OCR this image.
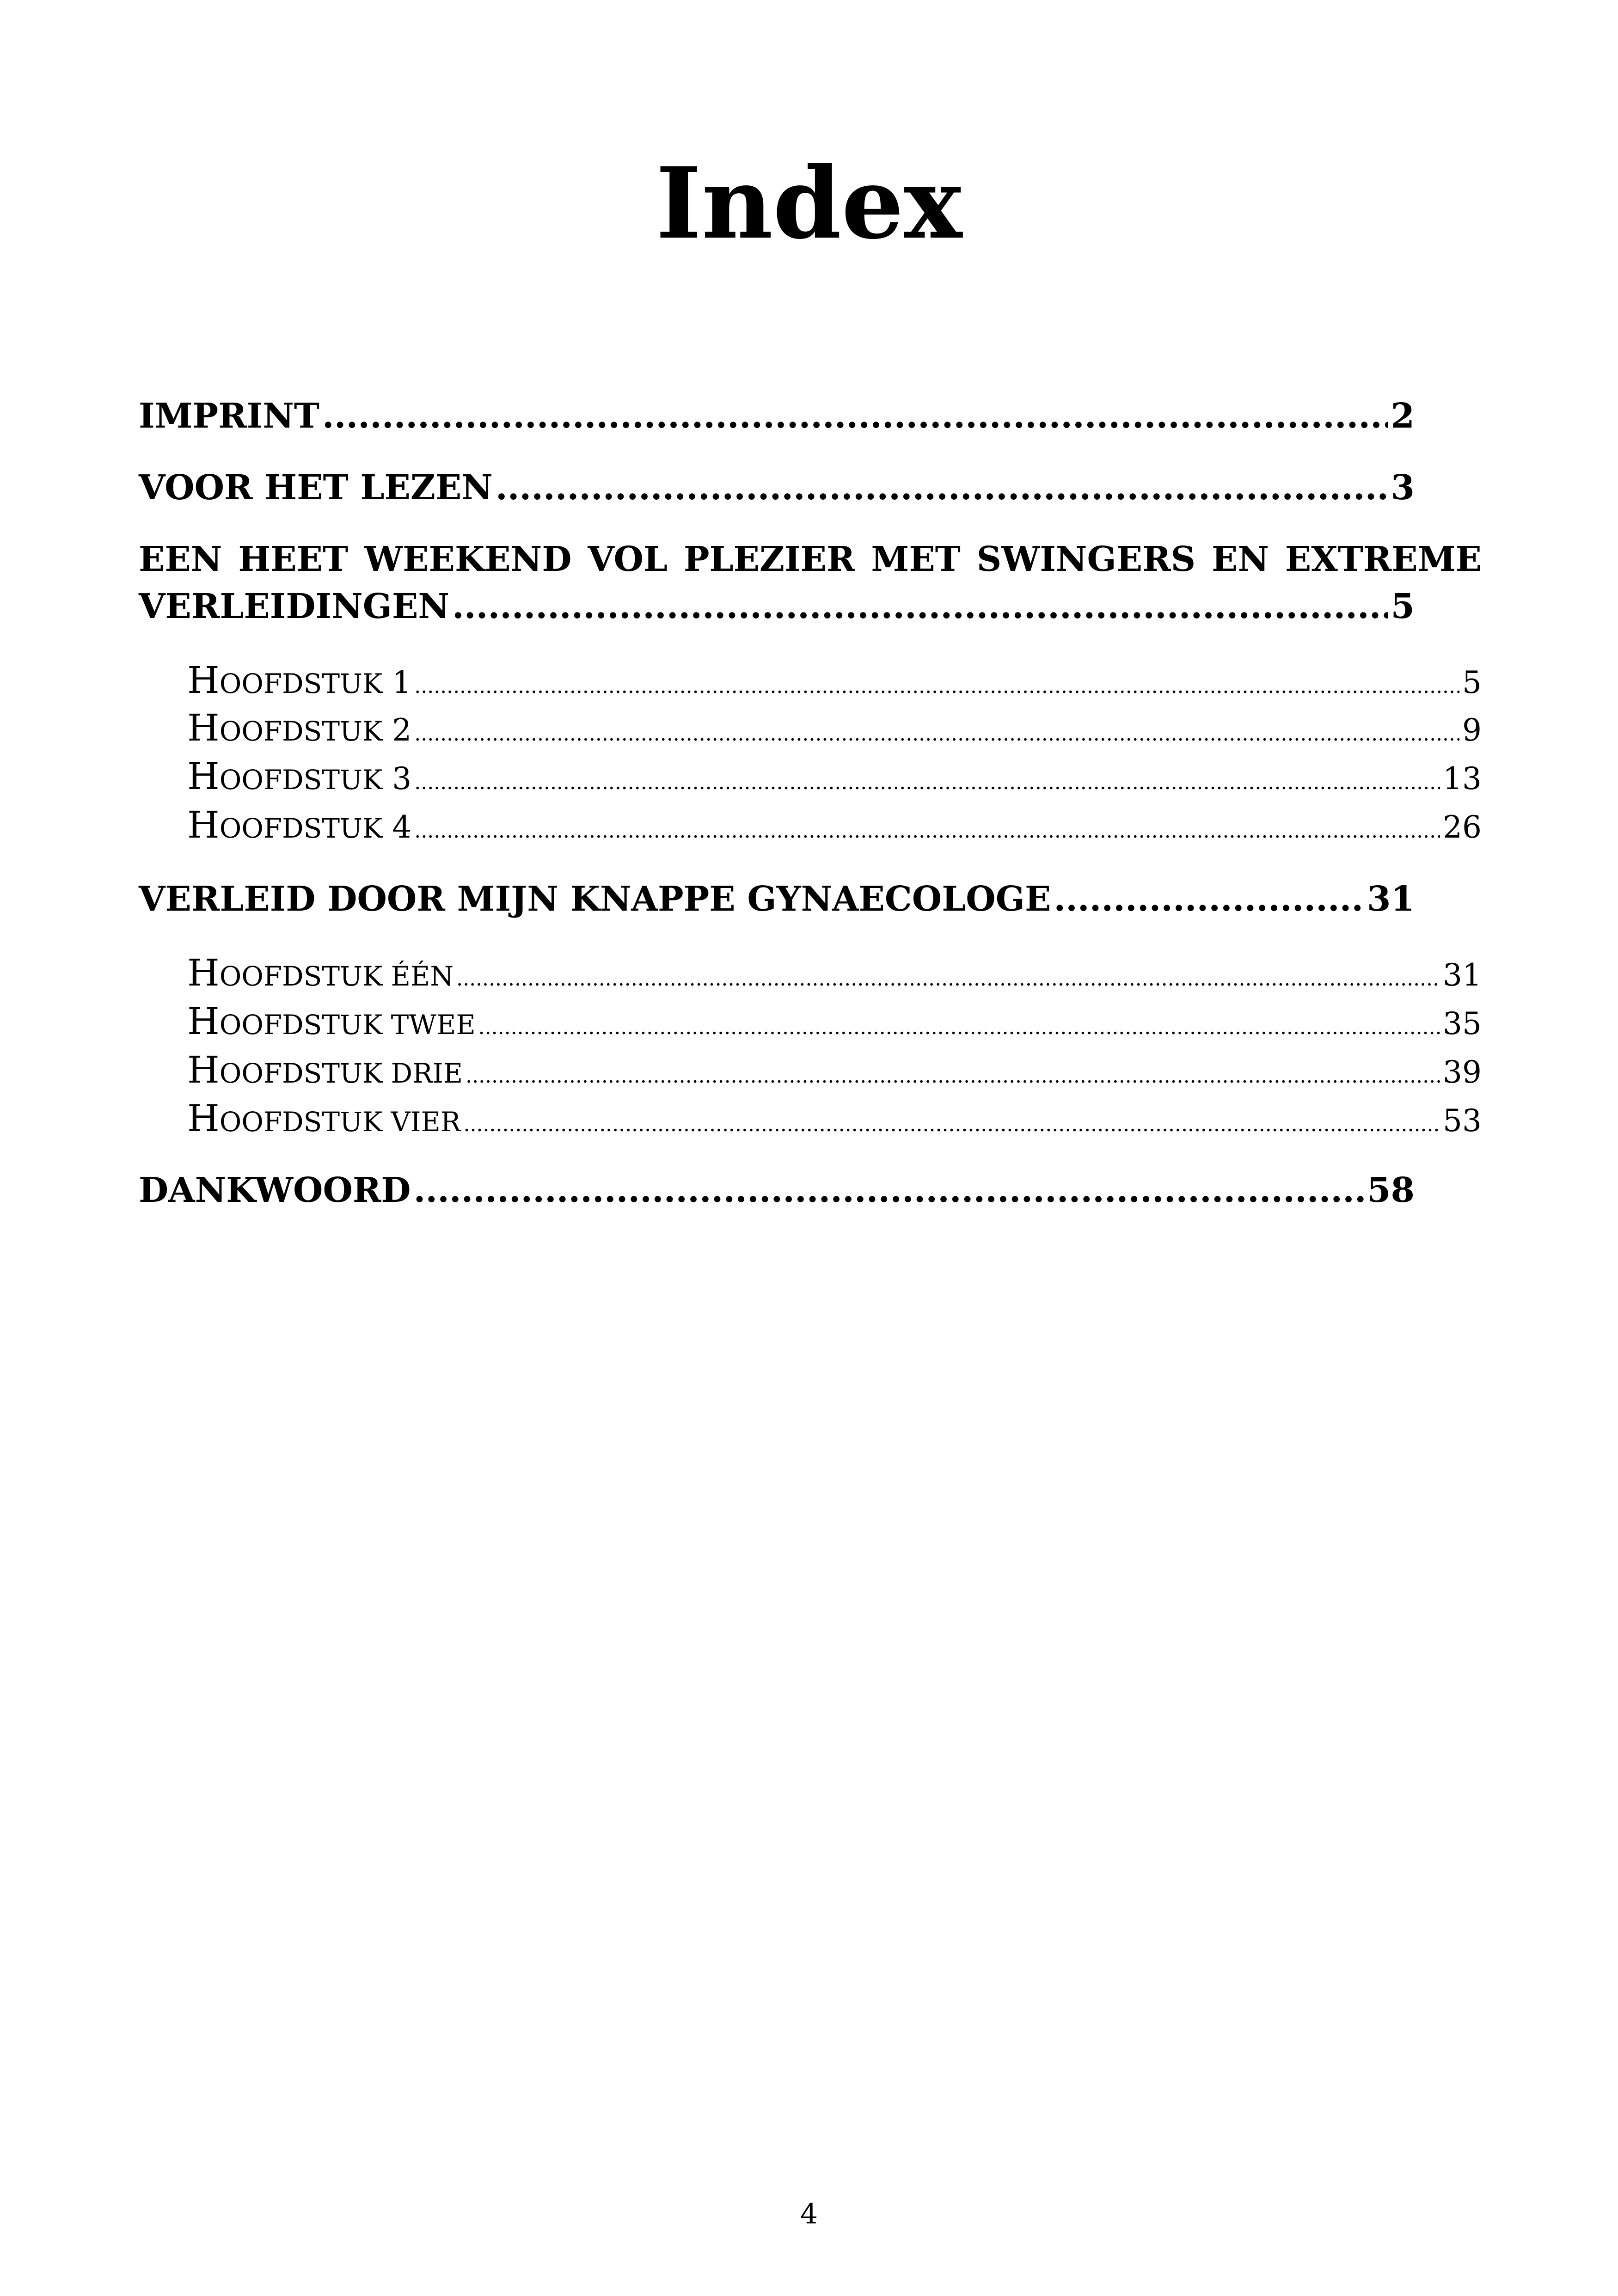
Index
IMPRINT .....	2
VOOR HET LEZEN .....	3
EEN HEET WEEKEND VOL PLEZIER MET SWINGERS EN EXTREME
VERLEIDINGEN .....	5
HOOFDSTUK 1 .....	5
HOOFDSTUK 2 .....	9
HOOFDSTUK 3 .....	13
HOOFDSTUK 4 .....	26
VERLEID DOOR MIJN KNAPPE GYNAECOLOGE .....	31
HOOFDSTUK ÉÉN .....	31
HOOFDSTUK TWEE .....	35
HOOFDSTUK DRIE .....	39
HOOFDSTUK VIER .....	53
DANKWOORD .....	58
4
